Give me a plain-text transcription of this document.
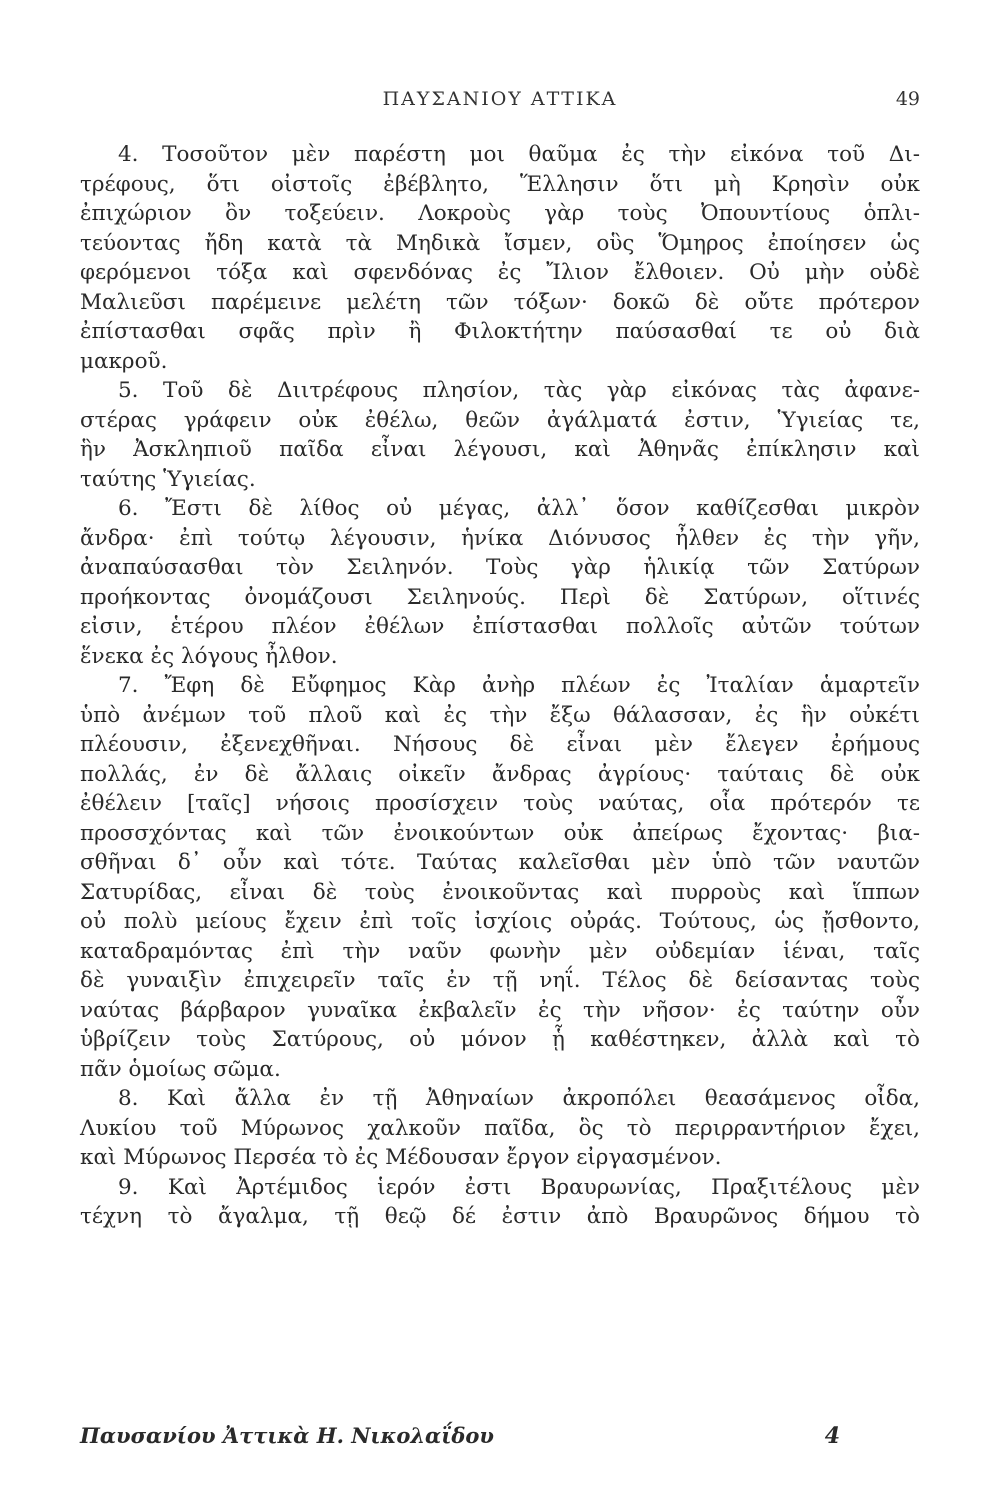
ΠΑΥΣΑΝΙΟΥ ΑΤΤΙΚΑ	49
4. Τοσοῦτον μὲν παρέστη μοι θαῦμα ἐς τὴν εἰκόνα τοῦ Δι-
τρέφους, ὅτι οἰστοῖς ἐβέβλητο, Ἕλλησιν ὅτι μὴ Κρησὶν οὐκ
ἐπιχώριον ὂν τοξεύειν. Λοκροὺς γὰρ τοὺς Ὀπουντίους ὁπλι-
τεύοντας ἤδη κατὰ τὰ Μηδικὰ ἴσμεν, οὓς Ὅμηρος ἐποίησεν ὡς
φερόμενοι τόξα καὶ σφενδόνας ἐς Ἴλιον ἔλθοιεν. Οὐ μὴν οὐδὲ
Μαλιεῦσι παρέμεινε μελέτη τῶν τόξων· δοκῶ δὲ οὔτε πρότερον
ἐπίστασθαι σφᾶς πρὶν ἢ Φιλοκτήτην παύσασθαί τε οὐ διὰ
μακροῦ.
5. Τοῦ δὲ Διιτρέφους πλησίον, τὰς γὰρ εἰκόνας τὰς ἀφανε-
στέρας γράφειν οὐκ ἐθέλω, θεῶν ἀγάλματά ἐστιν, Ὑγιείας τε,
ἣν Ἀσκληπιοῦ παῖδα εἶναι λέγουσι, καὶ Ἀθηνᾶς ἐπίκλησιν καὶ
ταύτης Ὑγιείας.
6. Ἔστι δὲ λίθος οὐ μέγας, ἀλλ᾽ ὅσον καθίζεσθαι μικρὸν
ἄνδρα· ἐπὶ τούτῳ λέγουσιν, ἡνίκα Διόνυσος ἦλθεν ἐς τὴν γῆν,
ἀναπαύσασθαι τὸν Σειληνόν. Τοὺς γὰρ ἡλικίᾳ τῶν Σατύρων
προήκοντας ὀνομάζουσι Σειληνούς. Περὶ δὲ Σατύρων, οἵτινές
εἰσιν, ἑτέρου πλέον ἐθέλων ἐπίστασθαι πολλοῖς αὐτῶν τούτων
ἕνεκα ἐς λόγους ἦλθον.
7. Ἔφη δὲ Εὔφημος Κὰρ ἀνὴρ πλέων ἐς Ἰταλίαν ἁμαρτεῖν
ὑπὸ ἀνέμων τοῦ πλοῦ καὶ ἐς τὴν ἔξω θάλασσαν, ἐς ἣν οὐκέτι
πλέουσιν, ἐξενεχθῆναι. Νήσους δὲ εἶναι μὲν ἔλεγεν ἐρήμους
πολλάς, ἐν δὲ ἄλλαις οἰκεῖν ἄνδρας ἀγρίους· ταύταις δὲ οὐκ
ἐθέλειν [ταῖς] νήσοις προσίσχειν τοὺς ναύτας, οἷα πρότερόν τε
προσσχόντας καὶ τῶν ἐνοικούντων οὐκ ἀπείρως ἔχοντας· βια-
σθῆναι δ᾽ οὖν καὶ τότε. Ταύτας καλεῖσθαι μὲν ὑπὸ τῶν ναυτῶν
Σατυρίδας, εἶναι δὲ τοὺς ἐνοικοῦντας καὶ πυρροὺς καὶ ἵππων
οὐ πολὺ μείους ἔχειν ἐπὶ τοῖς ἰσχίοις οὐράς. Τούτους, ὡς ᾔσθοντο,
καταδραμόντας ἐπὶ τὴν ναῦν φωνὴν μὲν οὐδεμίαν ἱέναι, ταῖς
δὲ γυναιξὶν ἐπιχειρεῖν ταῖς ἐν τῇ νηΐ. Τέλος δὲ δείσαντας τοὺς
ναύτας βάρβαρον γυναῖκα ἐκβαλεῖν ἐς τὴν νῆσον· ἐς ταύτην οὖν
ὑβρίζειν τοὺς Σατύρους, οὐ μόνον ᾗ καθέστηκεν, ἀλλὰ καὶ τὸ
πᾶν ὁμοίως σῶμα.
8. Καὶ ἄλλα ἐν τῇ Ἀθηναίων ἀκροπόλει θεασάμενος οἶδα,
Λυκίου τοῦ Μύρωνος χαλκοῦν παῖδα, ὃς τὸ περιρραντήριον ἔχει,
καὶ Μύρωνος Περσέα τὸ ἐς Μέδουσαν ἔργον εἰργασμένον.
9. Καὶ Ἀρτέμιδος ἱερόν ἐστι Βραυρωνίας, Πραξιτέλους μὲν
τέχνη τὸ ἄγαλμα, τῇ θεῷ δέ ἐστιν ἀπὸ Βραυρῶνος δήμου τὸ
Παυσανίου Ἀττικὰ Η. Νικολαΐδου	4
